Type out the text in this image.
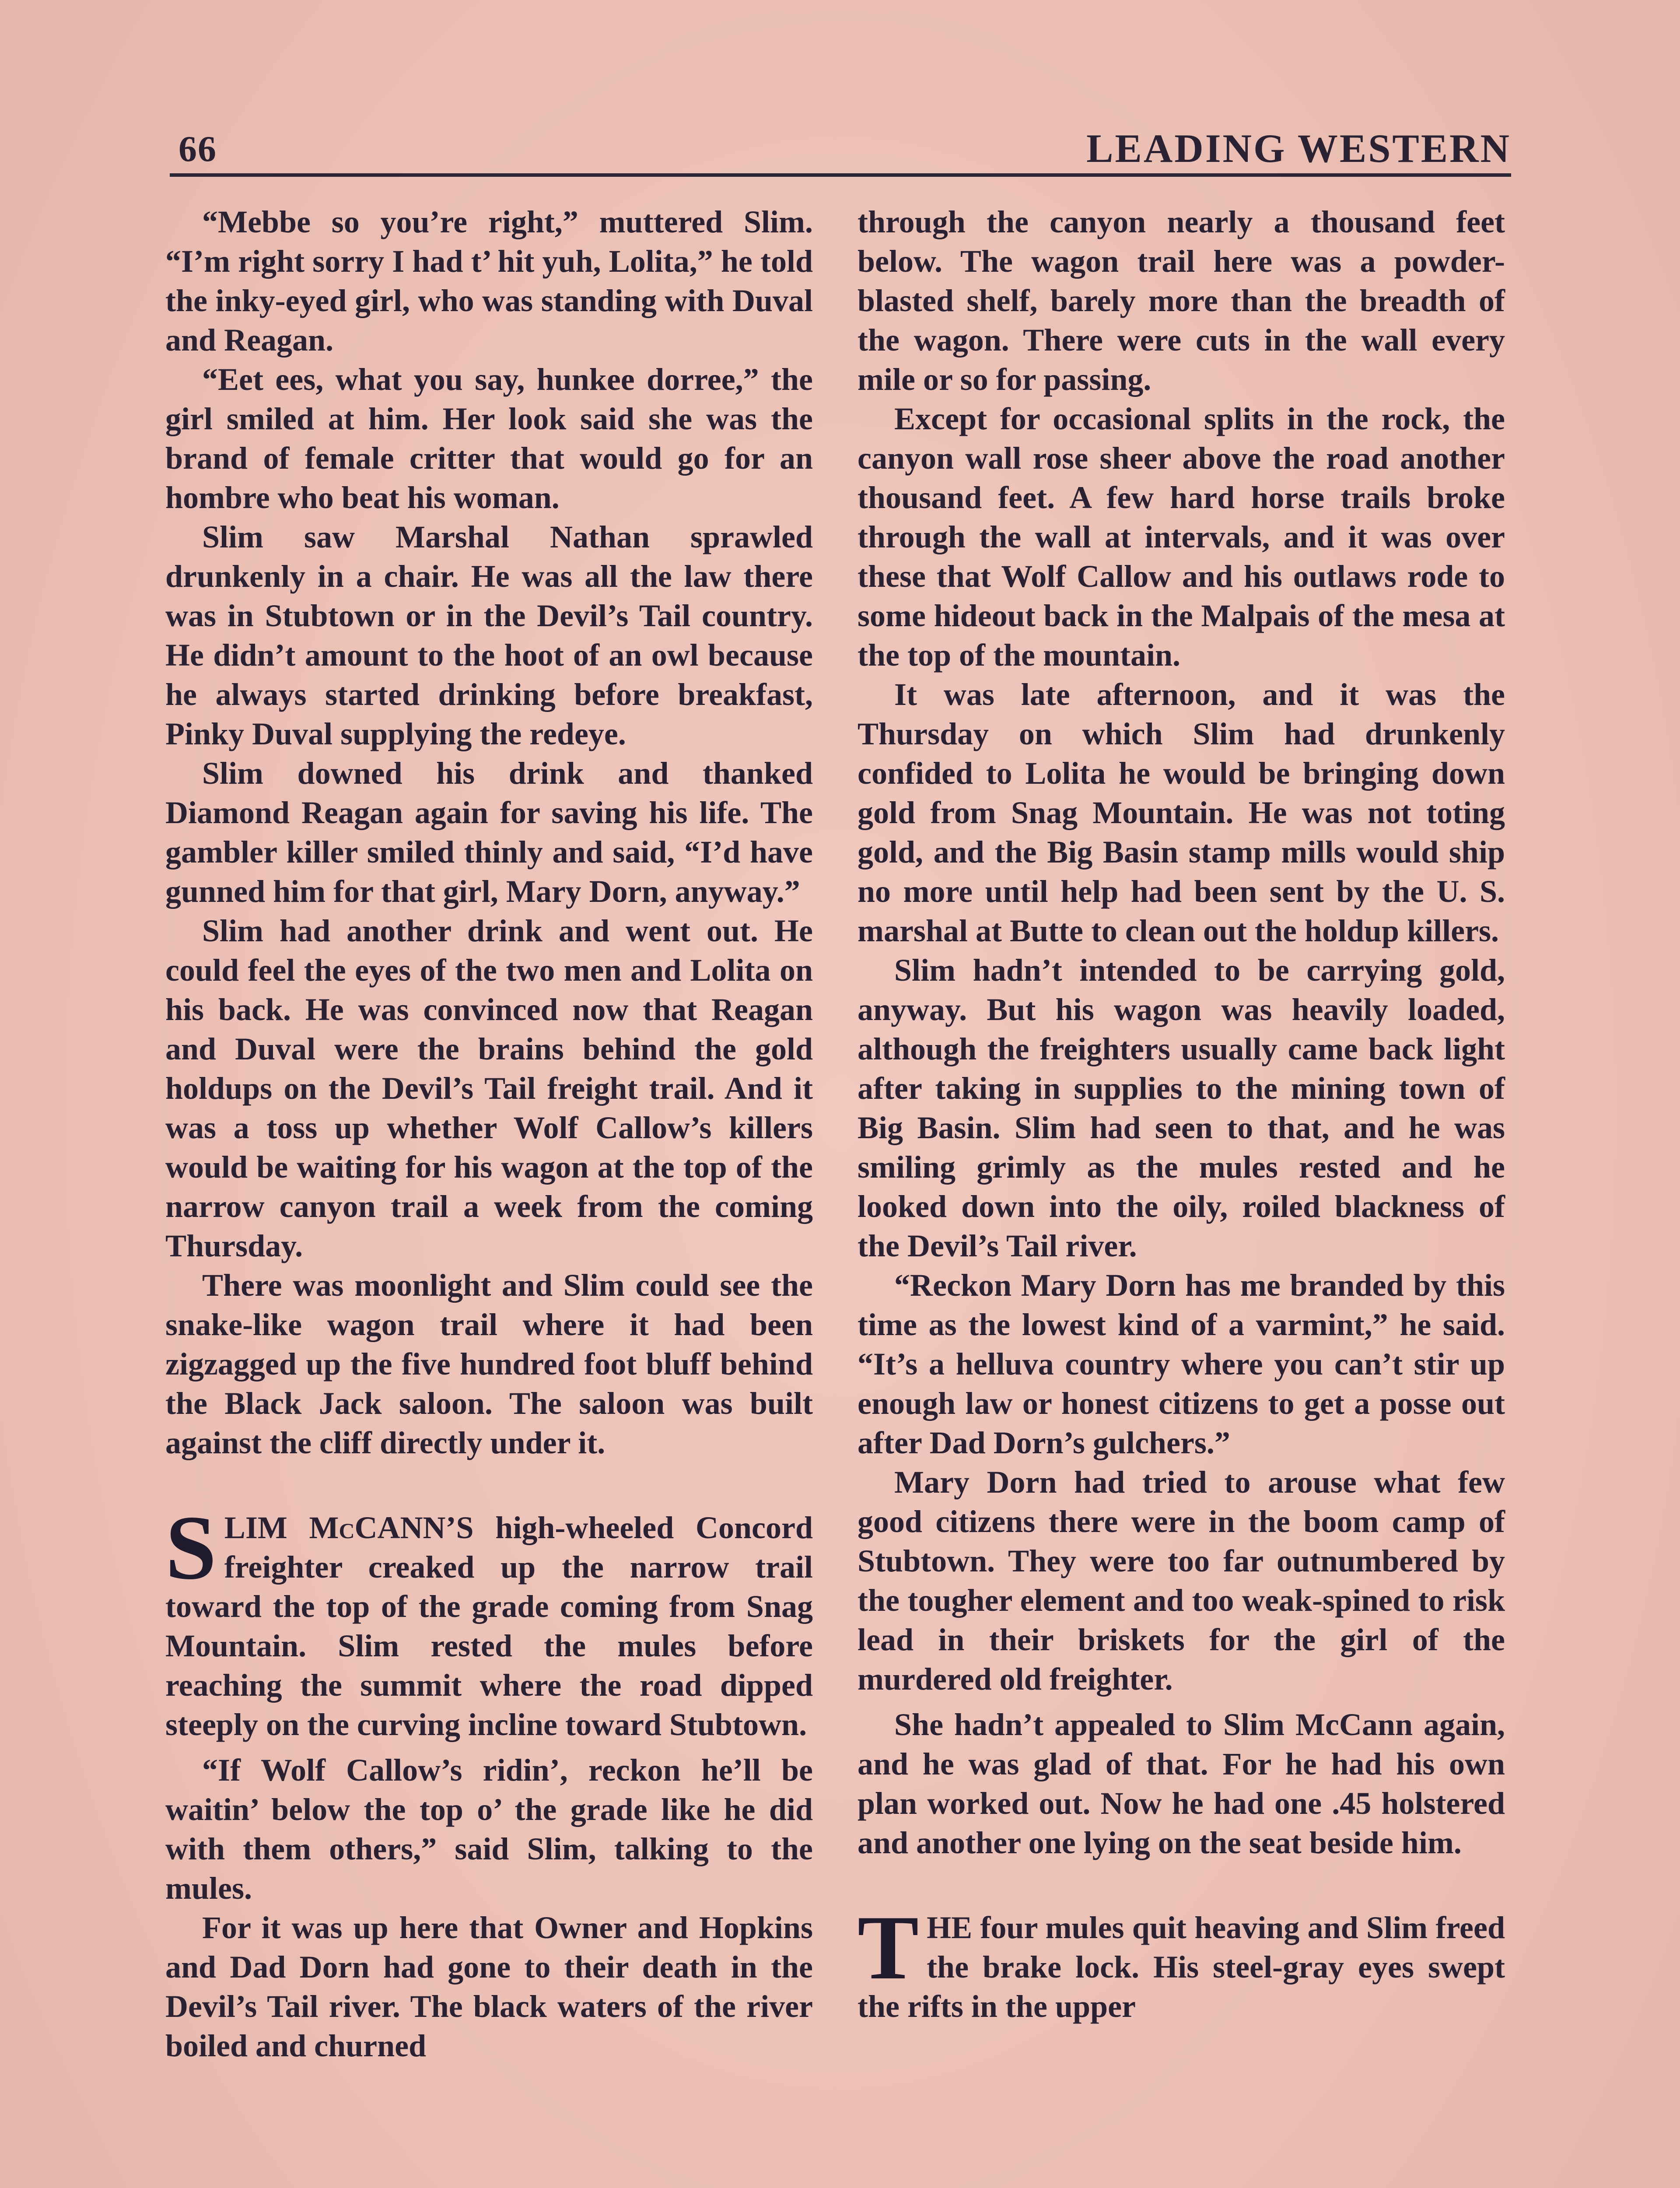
66	LEADING WESTERN

“Mebbe so you’re right,” muttered Slim. “I’m right sorry I had t’ hit yuh, Lolita,” he told the inky-eyed girl, who was standing with Duval and Reagan.

“Eet ees, what you say, hunkee dorree,” the girl smiled at him. Her look said she was the brand of female critter that would go for an hombre who beat his woman.

Slim saw Marshal Nathan sprawled drunkenly in a chair. He was all the law there was in Stubtown or in the Devil’s Tail country. He didn’t amount to the hoot of an owl because he always started drinking before breakfast, Pinky Duval supplying the redeye.

Slim downed his drink and thanked Diamond Reagan again for saving his life. The gambler killer smiled thinly and said, “I’d have gunned him for that girl, Mary Dorn, anyway.”

Slim had another drink and went out. He could feel the eyes of the two men and Lolita on his back. He was convinced now that Reagan and Duval were the brains behind the gold holdups on the Devil’s Tail freight trail. And it was a toss up whether Wolf Callow’s killers would be waiting for his wagon at the top of the narrow canyon trail a week from the coming Thursday.

There was moonlight and Slim could see the snake-like wagon trail where it had been zigzagged up the five hundred foot bluff behind the Black Jack saloon. The saloon was built against the cliff directly under it.

SLIM McCANN’S high-wheeled Concord freighter creaked up the narrow trail toward the top of the grade coming from Snag Mountain. Slim rested the mules before reaching the summit where the road dipped steeply on the curving incline toward Stubtown.

“If Wolf Callow’s ridin’, reckon he’ll be waitin’ below the top o’ the grade like he did with them others,” said Slim, talking to the mules.

For it was up here that Owner and Hopkins and Dad Dorn had gone to their death in the Devil’s Tail river. The black waters of the river boiled and churned

through the canyon nearly a thousand feet below. The wagon trail here was a powder-blasted shelf, barely more than the breadth of the wagon. There were cuts in the wall every mile or so for passing.

Except for occasional splits in the rock, the canyon wall rose sheer above the road another thousand feet. A few hard horse trails broke through the wall at intervals, and it was over these that Wolf Callow and his outlaws rode to some hideout back in the Malpais of the mesa at the top of the mountain.

It was late afternoon, and it was the Thursday on which Slim had drunkenly confided to Lolita he would be bringing down gold from Snag Mountain. He was not toting gold, and the Big Basin stamp mills would ship no more until help had been sent by the U. S. marshal at Butte to clean out the holdup killers.

Slim hadn’t intended to be carrying gold, anyway. But his wagon was heavily loaded, although the freighters usually came back light after taking in supplies to the mining town of Big Basin. Slim had seen to that, and he was smiling grimly as the mules rested and he looked down into the oily, roiled blackness of the Devil’s Tail river.

“Reckon Mary Dorn has me branded by this time as the lowest kind of a varmint,” he said. “It’s a helluva country where you can’t stir up enough law or honest citizens to get a posse out after Dad Dorn’s gulchers.”

Mary Dorn had tried to arouse what few good citizens there were in the boom camp of Stubtown. They were too far outnumbered by the tougher element and too weak-spined to risk lead in their briskets for the girl of the murdered old freighter.

She hadn’t appealed to Slim McCann again, and he was glad of that. For he had his own plan worked out. Now he had one .45 holstered and another one lying on the seat beside him.

THE four mules quit heaving and Slim freed the brake lock. His steel-gray eyes swept the rifts in the upper
